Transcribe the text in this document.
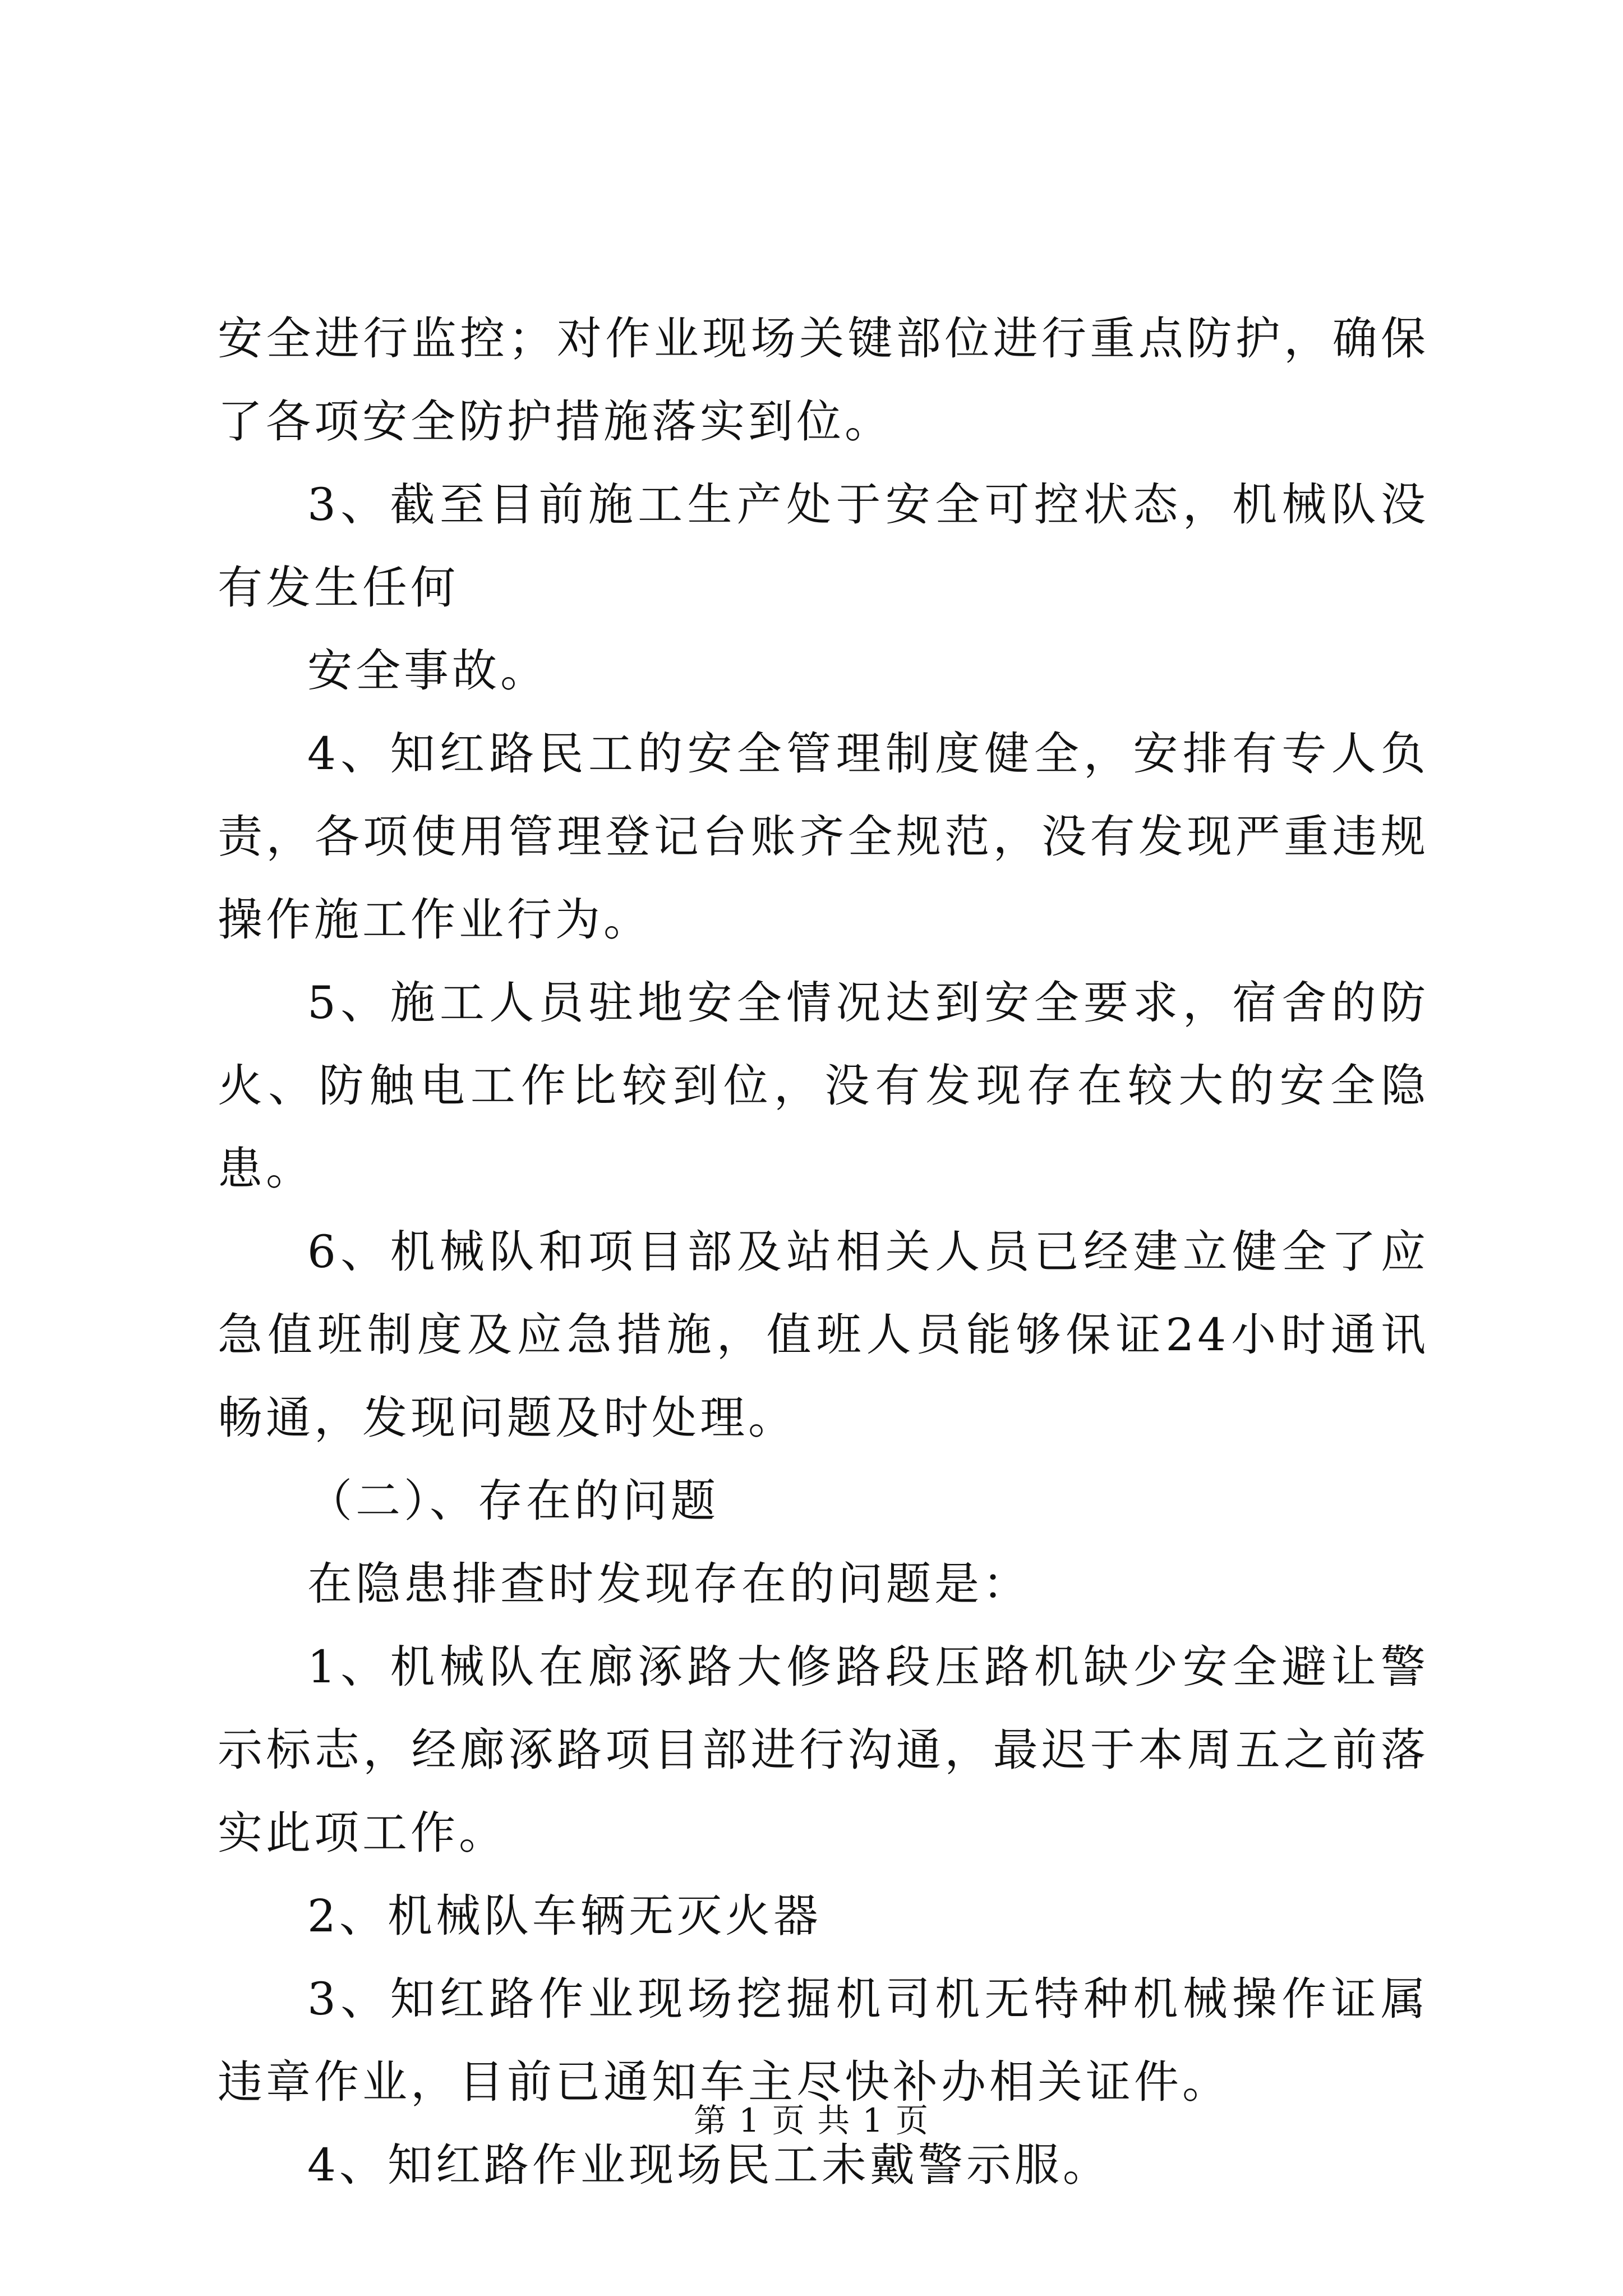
安全进行监控；对作业现场关键部位进行重点防护，确保了各项安全防护措施落实到位。

3、截至目前施工生产处于安全可控状态，机械队没有发生任何

安全事故。

4、知红路民工的安全管理制度健全，安排有专人负责，各项使用管理登记台账齐全规范，没有发现严重违规操作施工作业行为。

5、施工人员驻地安全情况达到安全要求，宿舍的防火、防触电工作比较到位，没有发现存在较大的安全隐患。

6、机械队和项目部及站相关人员已经建立健全了应急值班制度及应急措施，值班人员能够保证24小时通讯畅通，发现问题及时处理。

（二）、存在的问题

在隐患排查时发现存在的问题是：

1、机械队在廊涿路大修路段压路机缺少安全避让警示标志，经廊涿路项目部进行沟通，最迟于本周五之前落实此项工作。

2、机械队车辆无灭火器

3、知红路作业现场挖掘机司机无特种机械操作证属违章作业，目前已通知车主尽快补办相关证件。

4、知红路作业现场民工未戴警示服。

第 1 页 共 1 页
